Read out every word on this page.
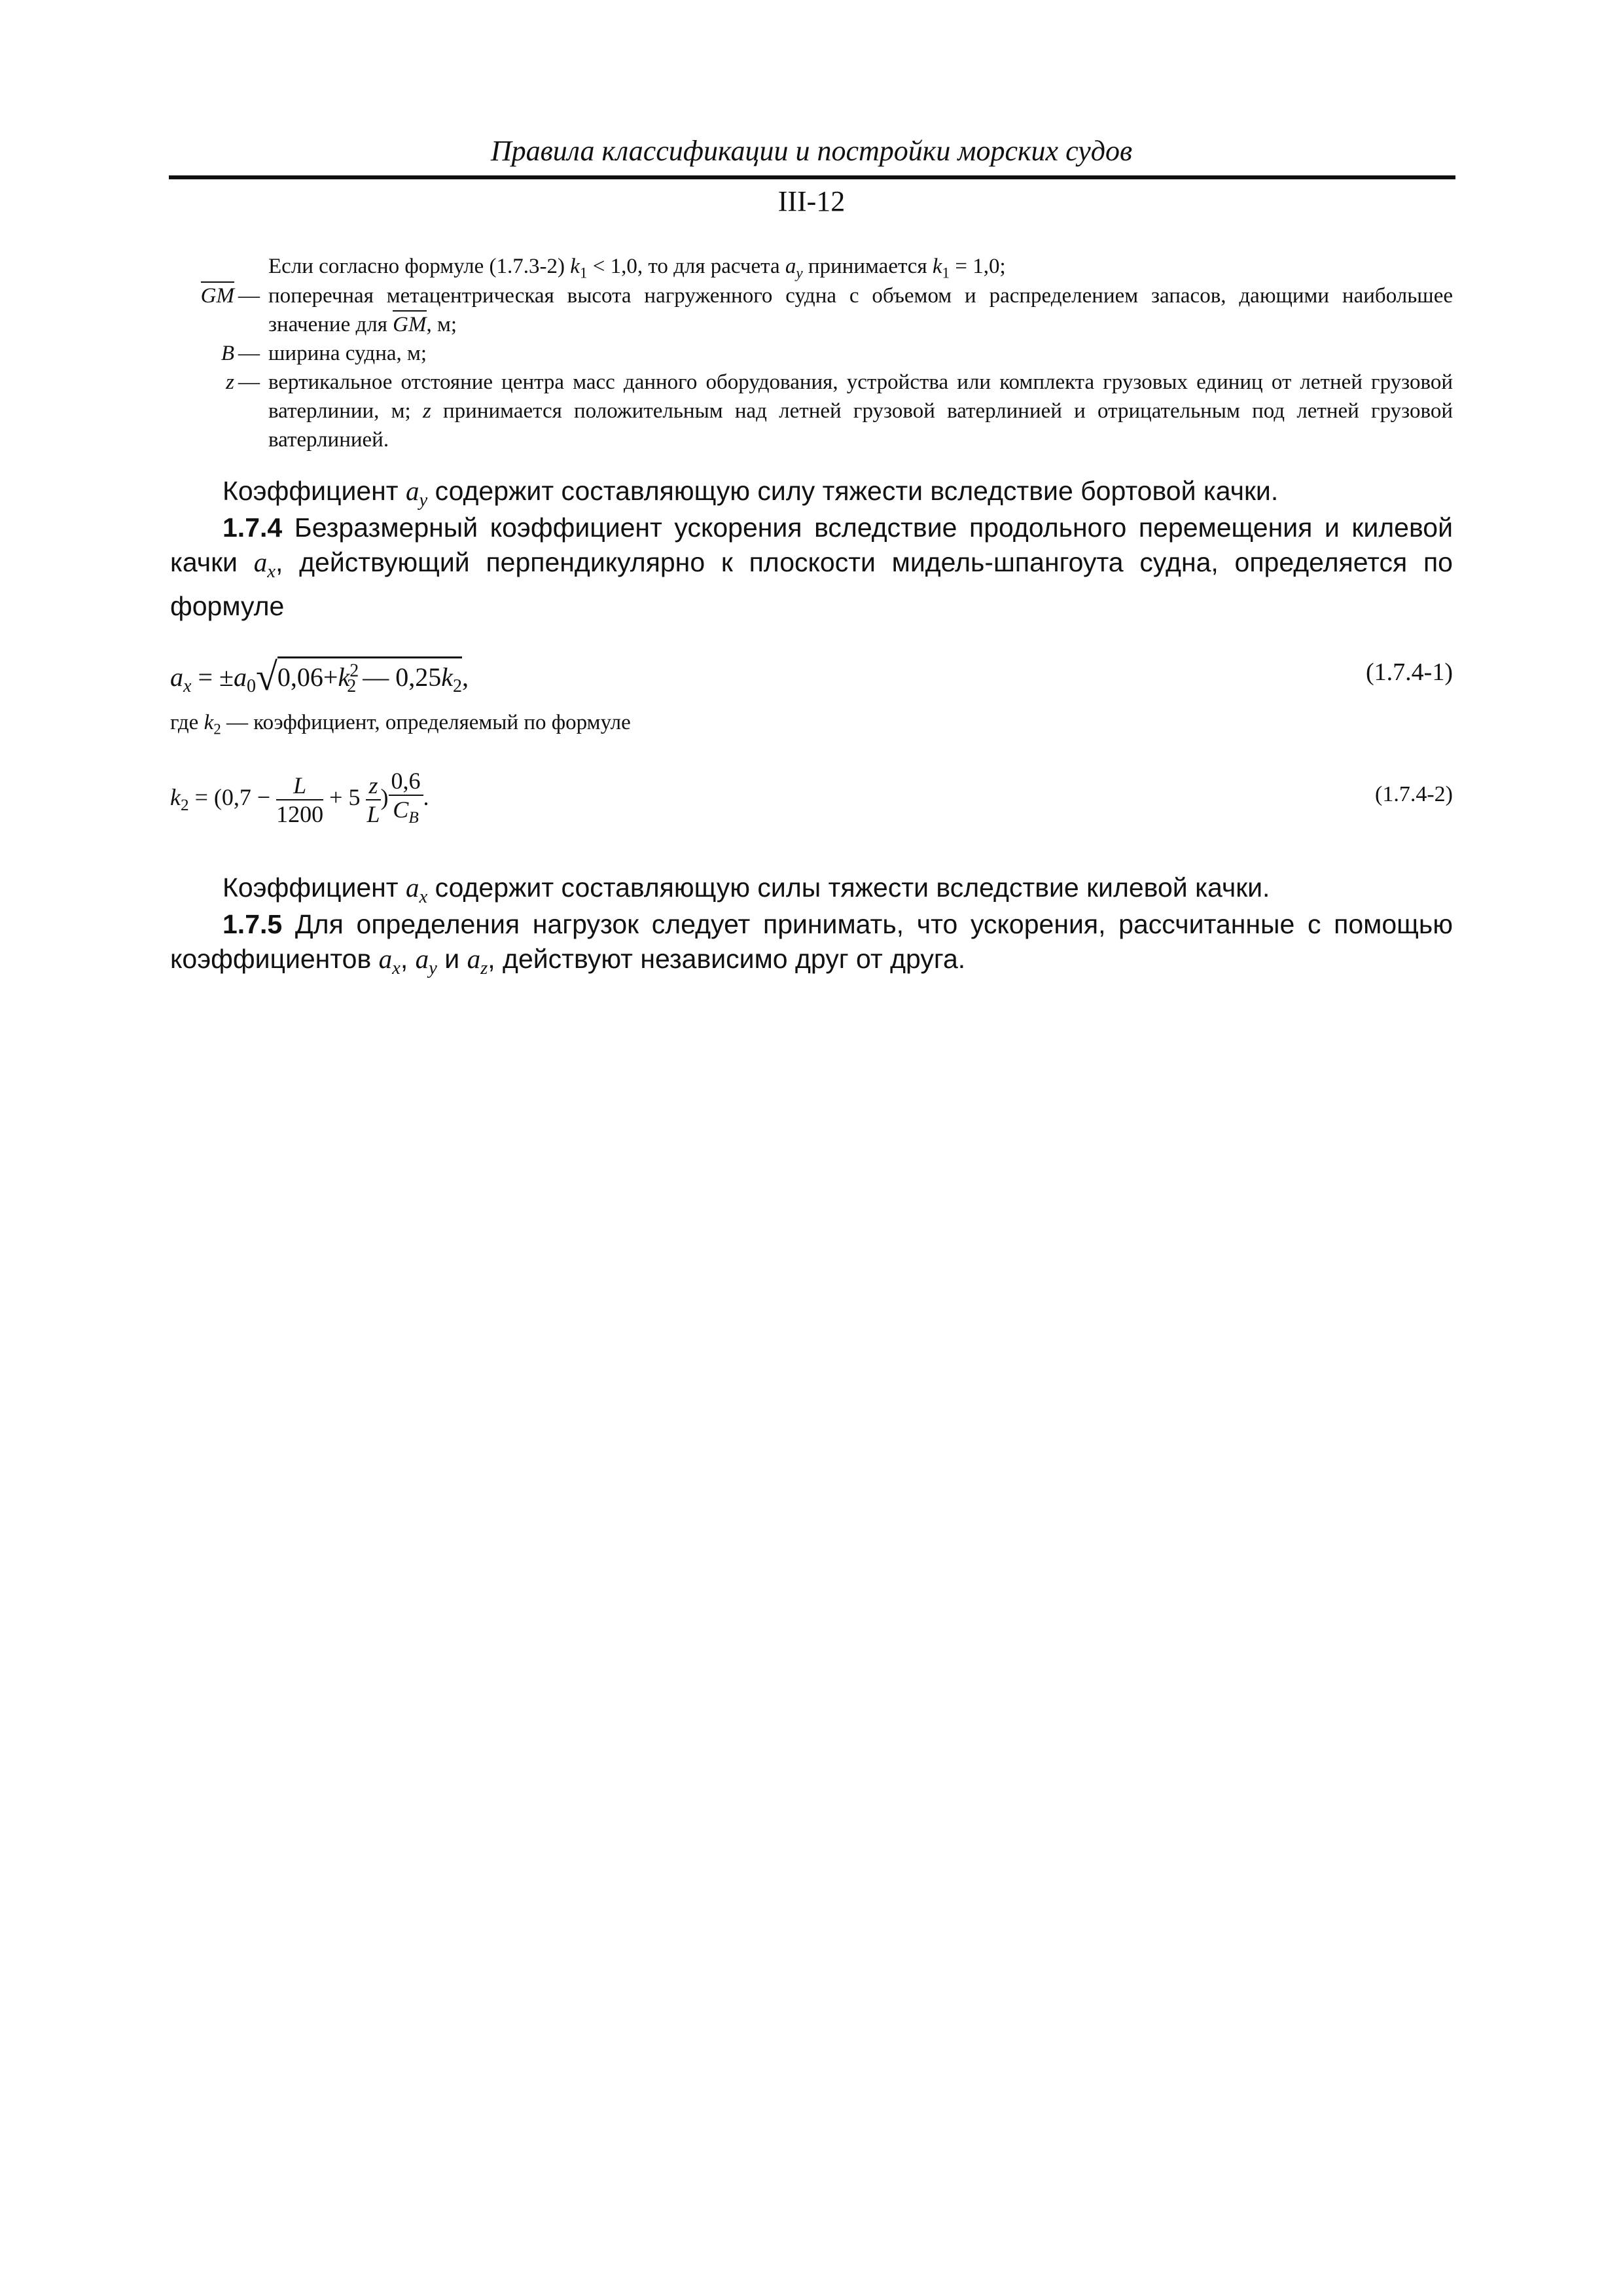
Правила классификации и постройки морских судов
III-12
Если согласно формуле (1.7.3-2) $k_1 < 1,0$, то для расчета $a_y$ принимается $k_1 = 1,0$;
GM — поперечная метацентрическая высота нагруженного судна с объемом и распределением запасов, дающими наибольшее значение для GM, м;
B — ширина судна, м;
z — вертикальное отстояние центра масс данного оборудования, устройства или комплекта грузовых единиц от летней грузовой ватерлинии, м; z принимается положительным над летней грузовой ватерлинией и отрицательным под летней грузовой ватерлинией.
Коэффициент $a_y$ содержит составляющую силу тяжести вследствие бортовой качки.
1.7.4 Безразмерный коэффициент ускорения вследствие продольного перемещения и килевой качки $a_x$, действующий перпендикулярно к плоскости мидель-шпангоута судна, определяется по формуле
$a_x = \pm a_0√0,06+k^2_2$ — $0,25k_2$,	(1.7.4-1)
где $k_2$ — коэффициент, определяемый по формуле
$k_2 = (0,7 - \frac{L}{1200} + 5 \frac{z}{L}$ ) $\frac{0,6}{C_B}$ .	(1.7.4-2)
Коэффициент $a_x$ содержит составляющую силы тяжести вследствие килевой качки.
1.7.5 Для определения нагрузок следует принимать, что ускорения, рассчитанные с помощью коэффициентов $a_x$, $a_y$ и $a_z$, действуют независимо друг от друга.
